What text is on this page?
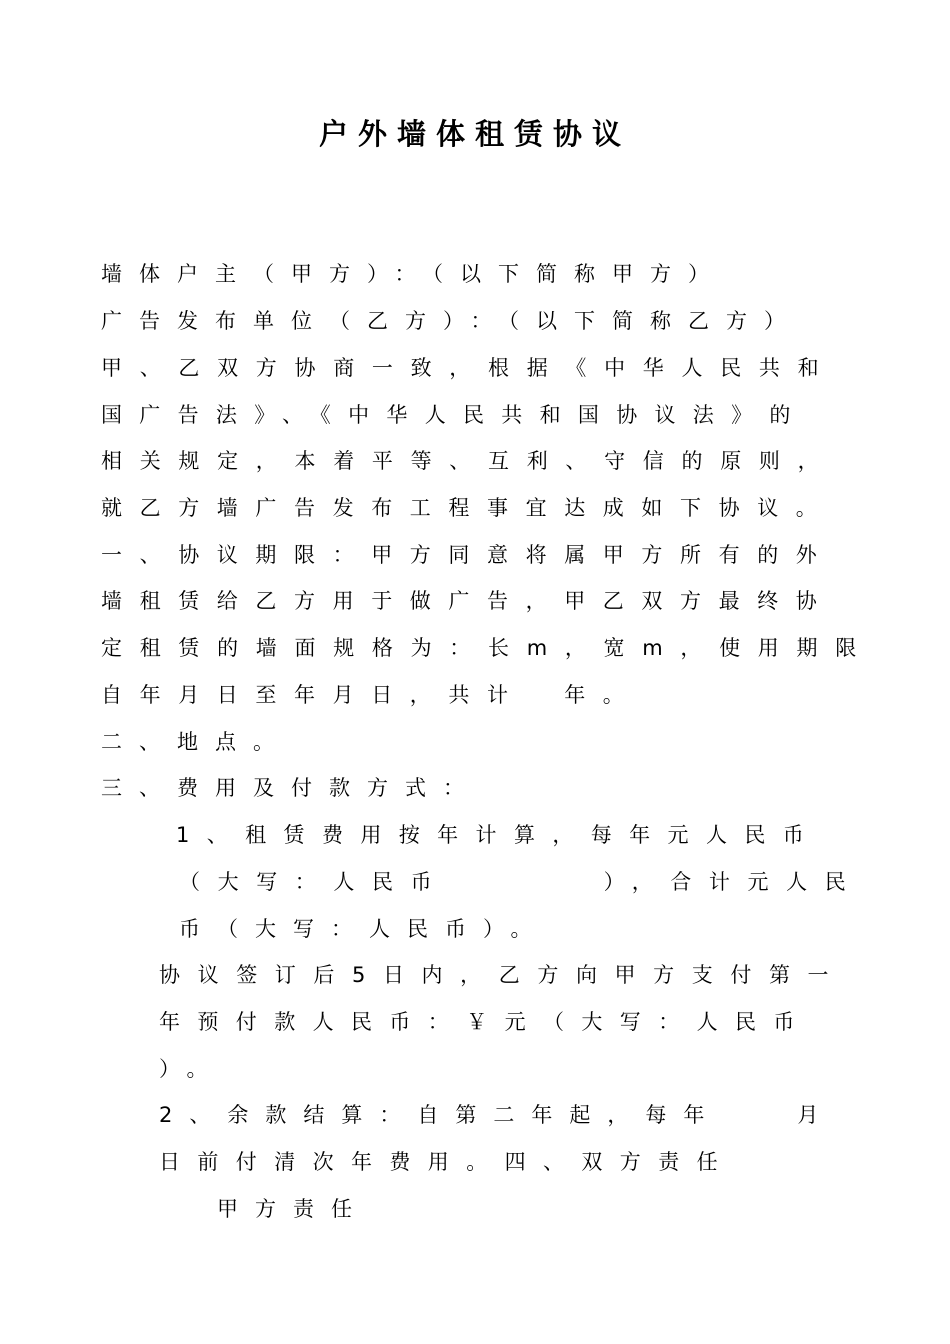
户外墙体租赁协议
墙体户主（甲方）：（以下简称甲方）
广告发布单位（乙方）：（以下简称乙方）
甲、乙双方协商一致，根据《中华人民共和
国广告法》、《中华人民共和国协议法》的
相关规定，本着平等、互利、守信的原则，
就乙方墙广告发布工程事宜达成如下协议。
一、协议期限：甲方同意将属甲方所有的外
墙租赁给乙方用于做广告，甲乙双方最终协
定租赁的墙面规格为：长m，宽m，使用期限
自年月日至年月日，共计　年。
二、地点。
三、费用及付款方式：
1、租赁费用按年计算，每年元人民币
（大写：人民币　　　　），合计元人民
币（大写：人民币）。
协议签订后5日内，乙方向甲方支付第一
年预付款人民币：￥元（大写：人民币
）。
2、余款结算：自第二年起，每年　　月
日前付清次年费用。四、双方责任
甲方责任
